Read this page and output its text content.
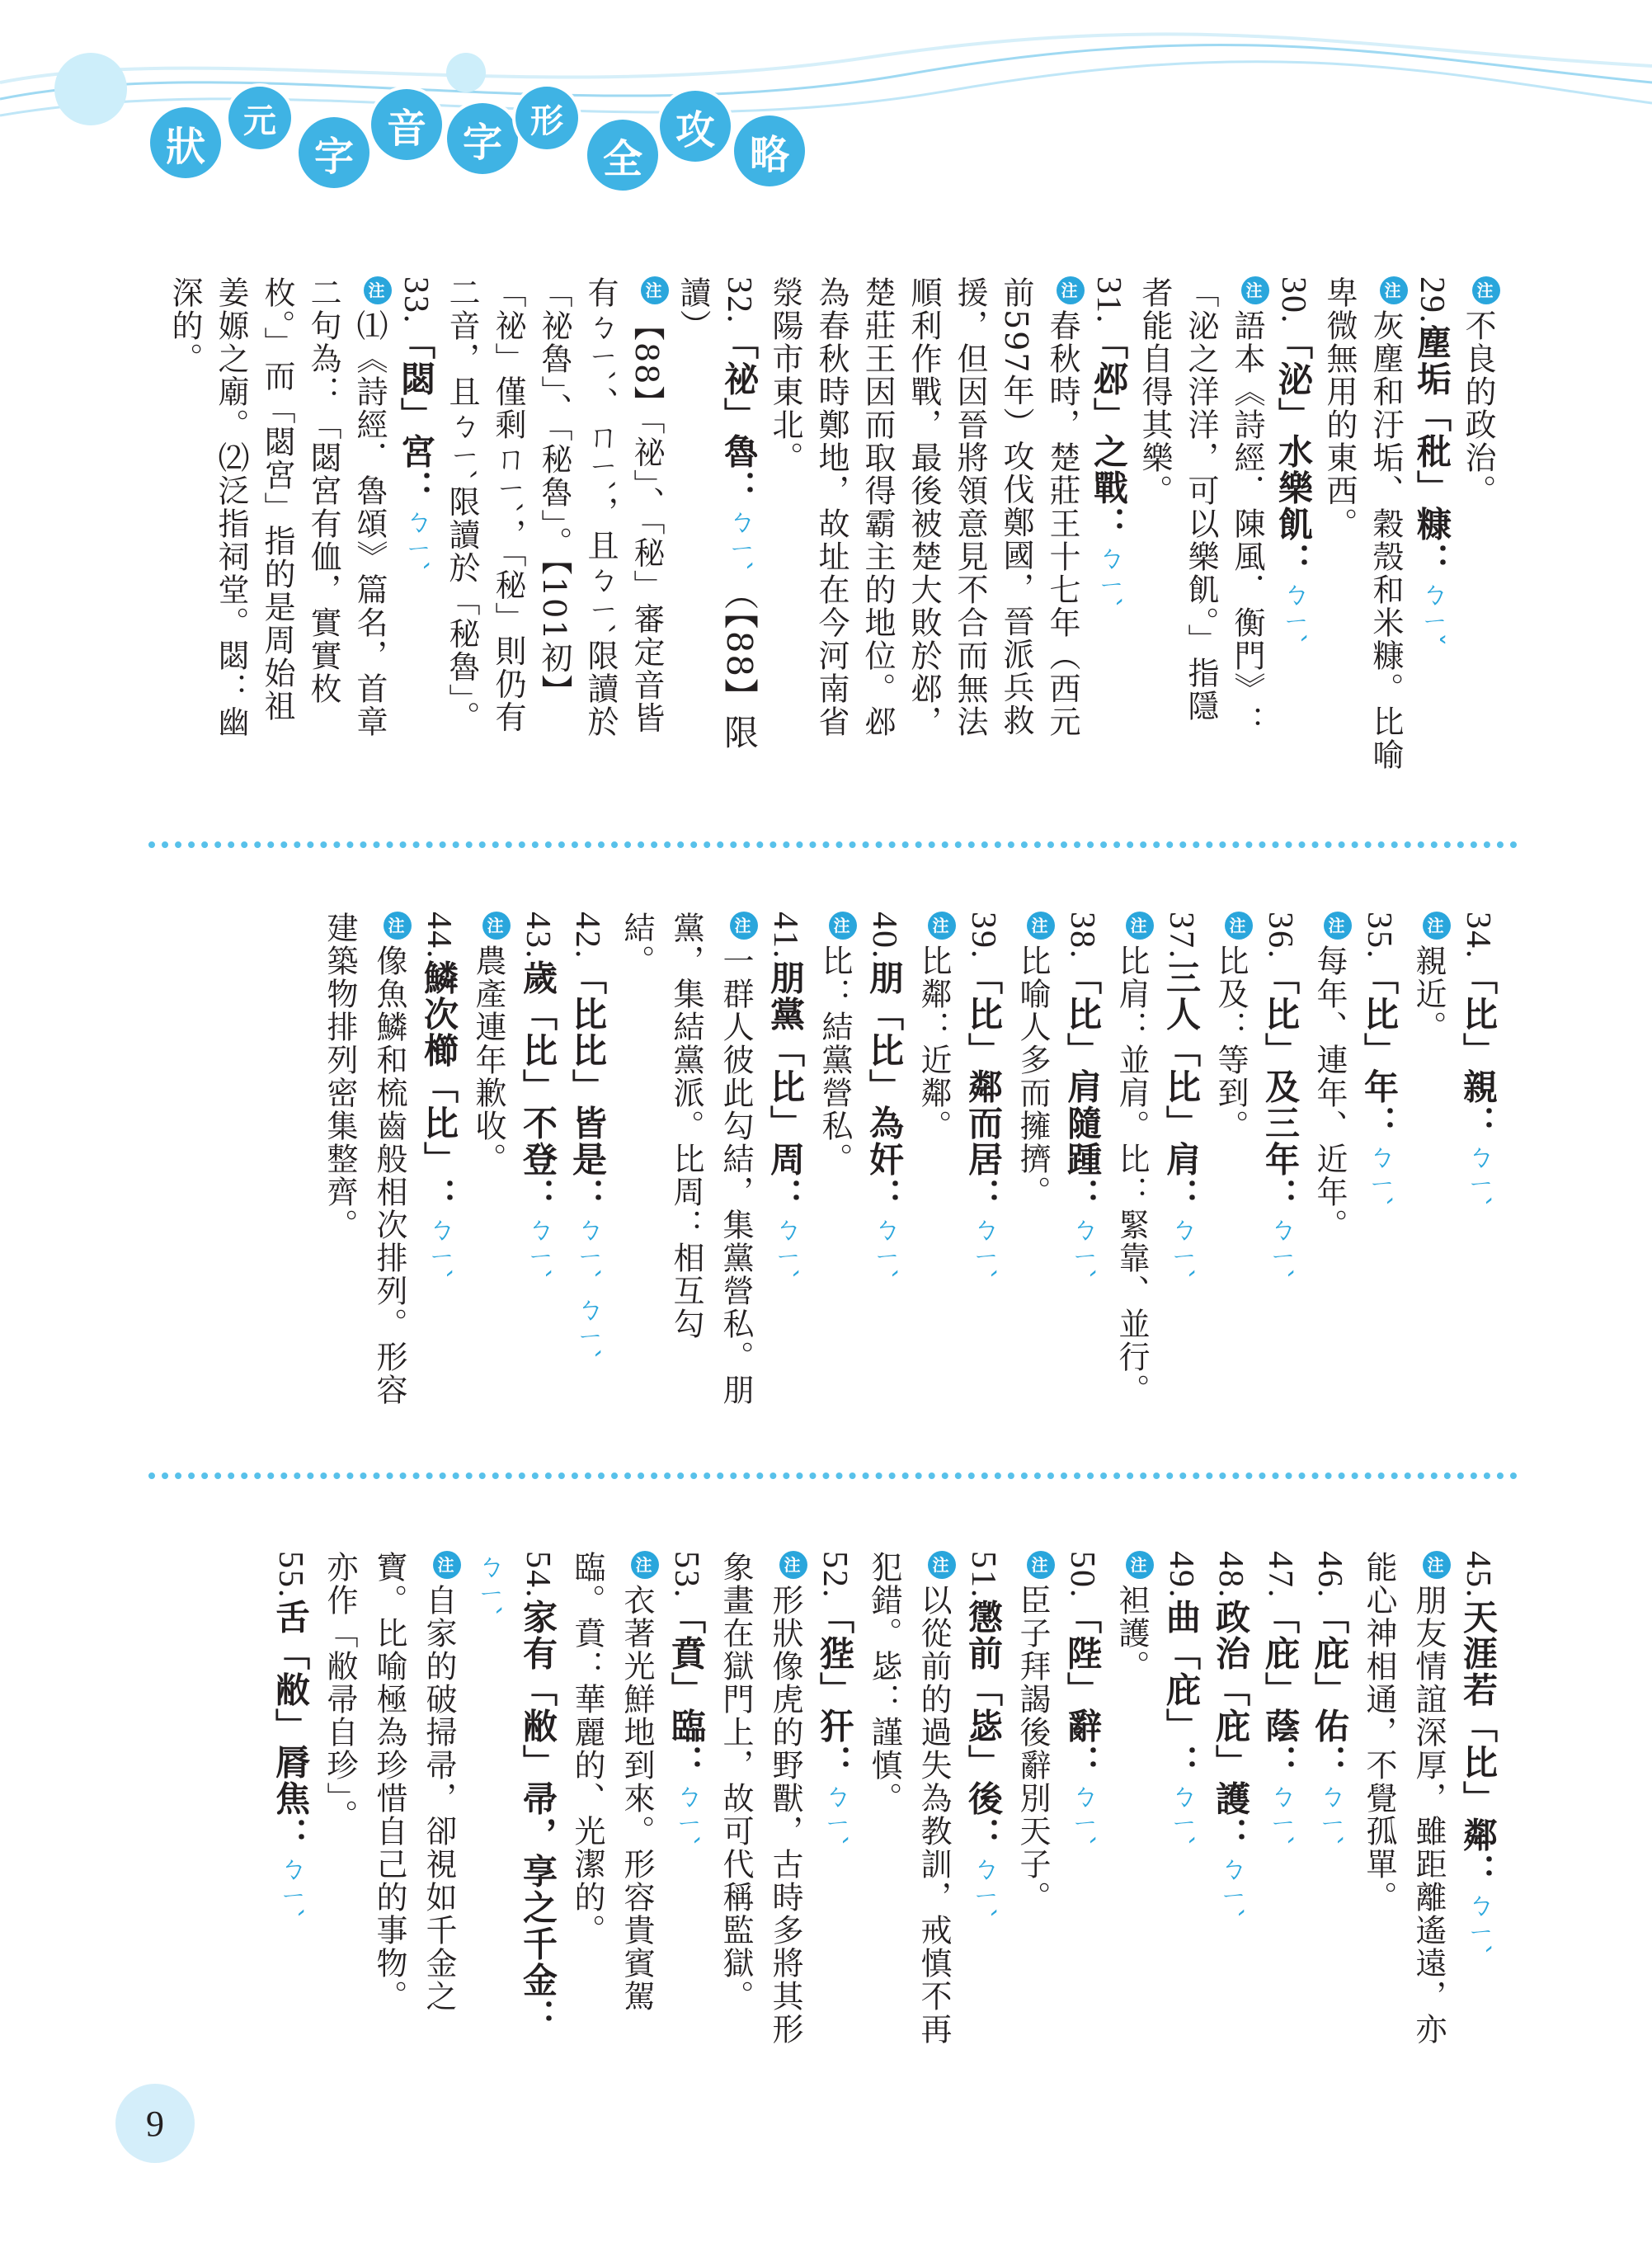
狀
元
字
音 字 形
全
攻
略
注不良的政治。
29.塵垢「秕」糠：ㄅㄧˇ
注灰塵和汙垢、穀殼和米糠。比喻
卑微無用的東西。
30.「泌」水樂飢：ㄅㄧˋ
注語本《詩經．陳風．衡門》：
「泌之洋洋，可以樂飢。」指隱
者能自得其樂。
31.「邲」之戰：ㄅㄧˋ
注春秋時，楚莊王十七年（西元
前597年）攻伐鄭國，晉派兵救
援，但因晉將領意見不合而無法
順利作戰，最後被楚大敗於邲，
楚莊王因而取得霸主的地位。邲
為春秋時鄭地，故址在今河南省
滎陽市東北。
32.「祕」魯：ㄅㄧˋ（【88】限
讀）
注【88】「祕」、「秘」審定音皆
有ㄅㄧˋ、ㄇㄧˋ，且ㄅㄧˋ限讀於
「祕魯」、「秘魯」。【101初】
「祕」僅剩ㄇㄧˋ，「秘」則仍有
二音，且ㄅㄧˋ限讀於「秘魯」。
33.「閟」宮：ㄅㄧˋ
注⑴《詩經．魯頌》篇名，首章
二句為：「閟宮有侐，實實枚
枚。」而「閟宮」指的是周始祖
姜嫄之廟。⑵泛指祠堂。閟：幽
深的。
34.「比」親：ㄅㄧˋ
注親近。
35.「比」年：ㄅㄧˋ
注每年、連年、近年。
36.「比」及三年：ㄅㄧˋ
注比及：等到。
37.三人「比」肩：ㄅㄧˋ
注比肩：並肩。比：緊靠、並行。
38.「比」肩隨踵：ㄅㄧˋ
注比喻人多而擁擠。
39.「比」鄰而居：ㄅㄧˋ
注比鄰：近鄰。
40.朋「比」為奸：ㄅㄧˋ
注比：結黨營私。
41.朋黨「比」周：ㄅㄧˋ
注一群人彼此勾結，集黨營私。朋
黨，集結黨派。比周：相互勾
結。
42.「比比」皆是：ㄅㄧˋ ㄅㄧˋ
43.歲「比」不登：ㄅㄧˋ
注農產連年歉收。
44.鱗次櫛「比」：ㄅㄧˋ
注像魚鱗和梳齒般相次排列。形容
建築物排列密集整齊。
45.天涯若「比」鄰：ㄅㄧˋ
注朋友情誼深厚，雖距離遙遠，亦
能心神相通，不覺孤單。
46.「庇」佑：ㄅㄧˋ
47.「庇」蔭：ㄅㄧˋ
48.政治「庇」護：ㄅㄧˋ
49.曲「庇」：ㄅㄧˋ
注袒護。
50.「陛」辭：ㄅㄧˋ
注臣子拜謁後辭別天子。
51.懲前「毖」後：ㄅㄧˋ
注以從前的過失為教訓，戒慎不再
犯錯。毖：謹慎。
52.「狴」犴：ㄅㄧˋ
注形狀像虎的野獸，古時多將其形
象畫在獄門上，故可代稱監獄。
53.「賁」臨：ㄅㄧˋ
注衣著光鮮地到來。形容貴賓駕
臨。賁：華麗的、光潔的。
54.家有「敝」帚，享之千金：
ㄅㄧˋ
注自家的破掃帚，卻視如千金之
寶。比喻極為珍惜自己的事物。
亦作「敝帚自珍」。
55.舌「敝」脣焦：ㄅㄧˋ
9
